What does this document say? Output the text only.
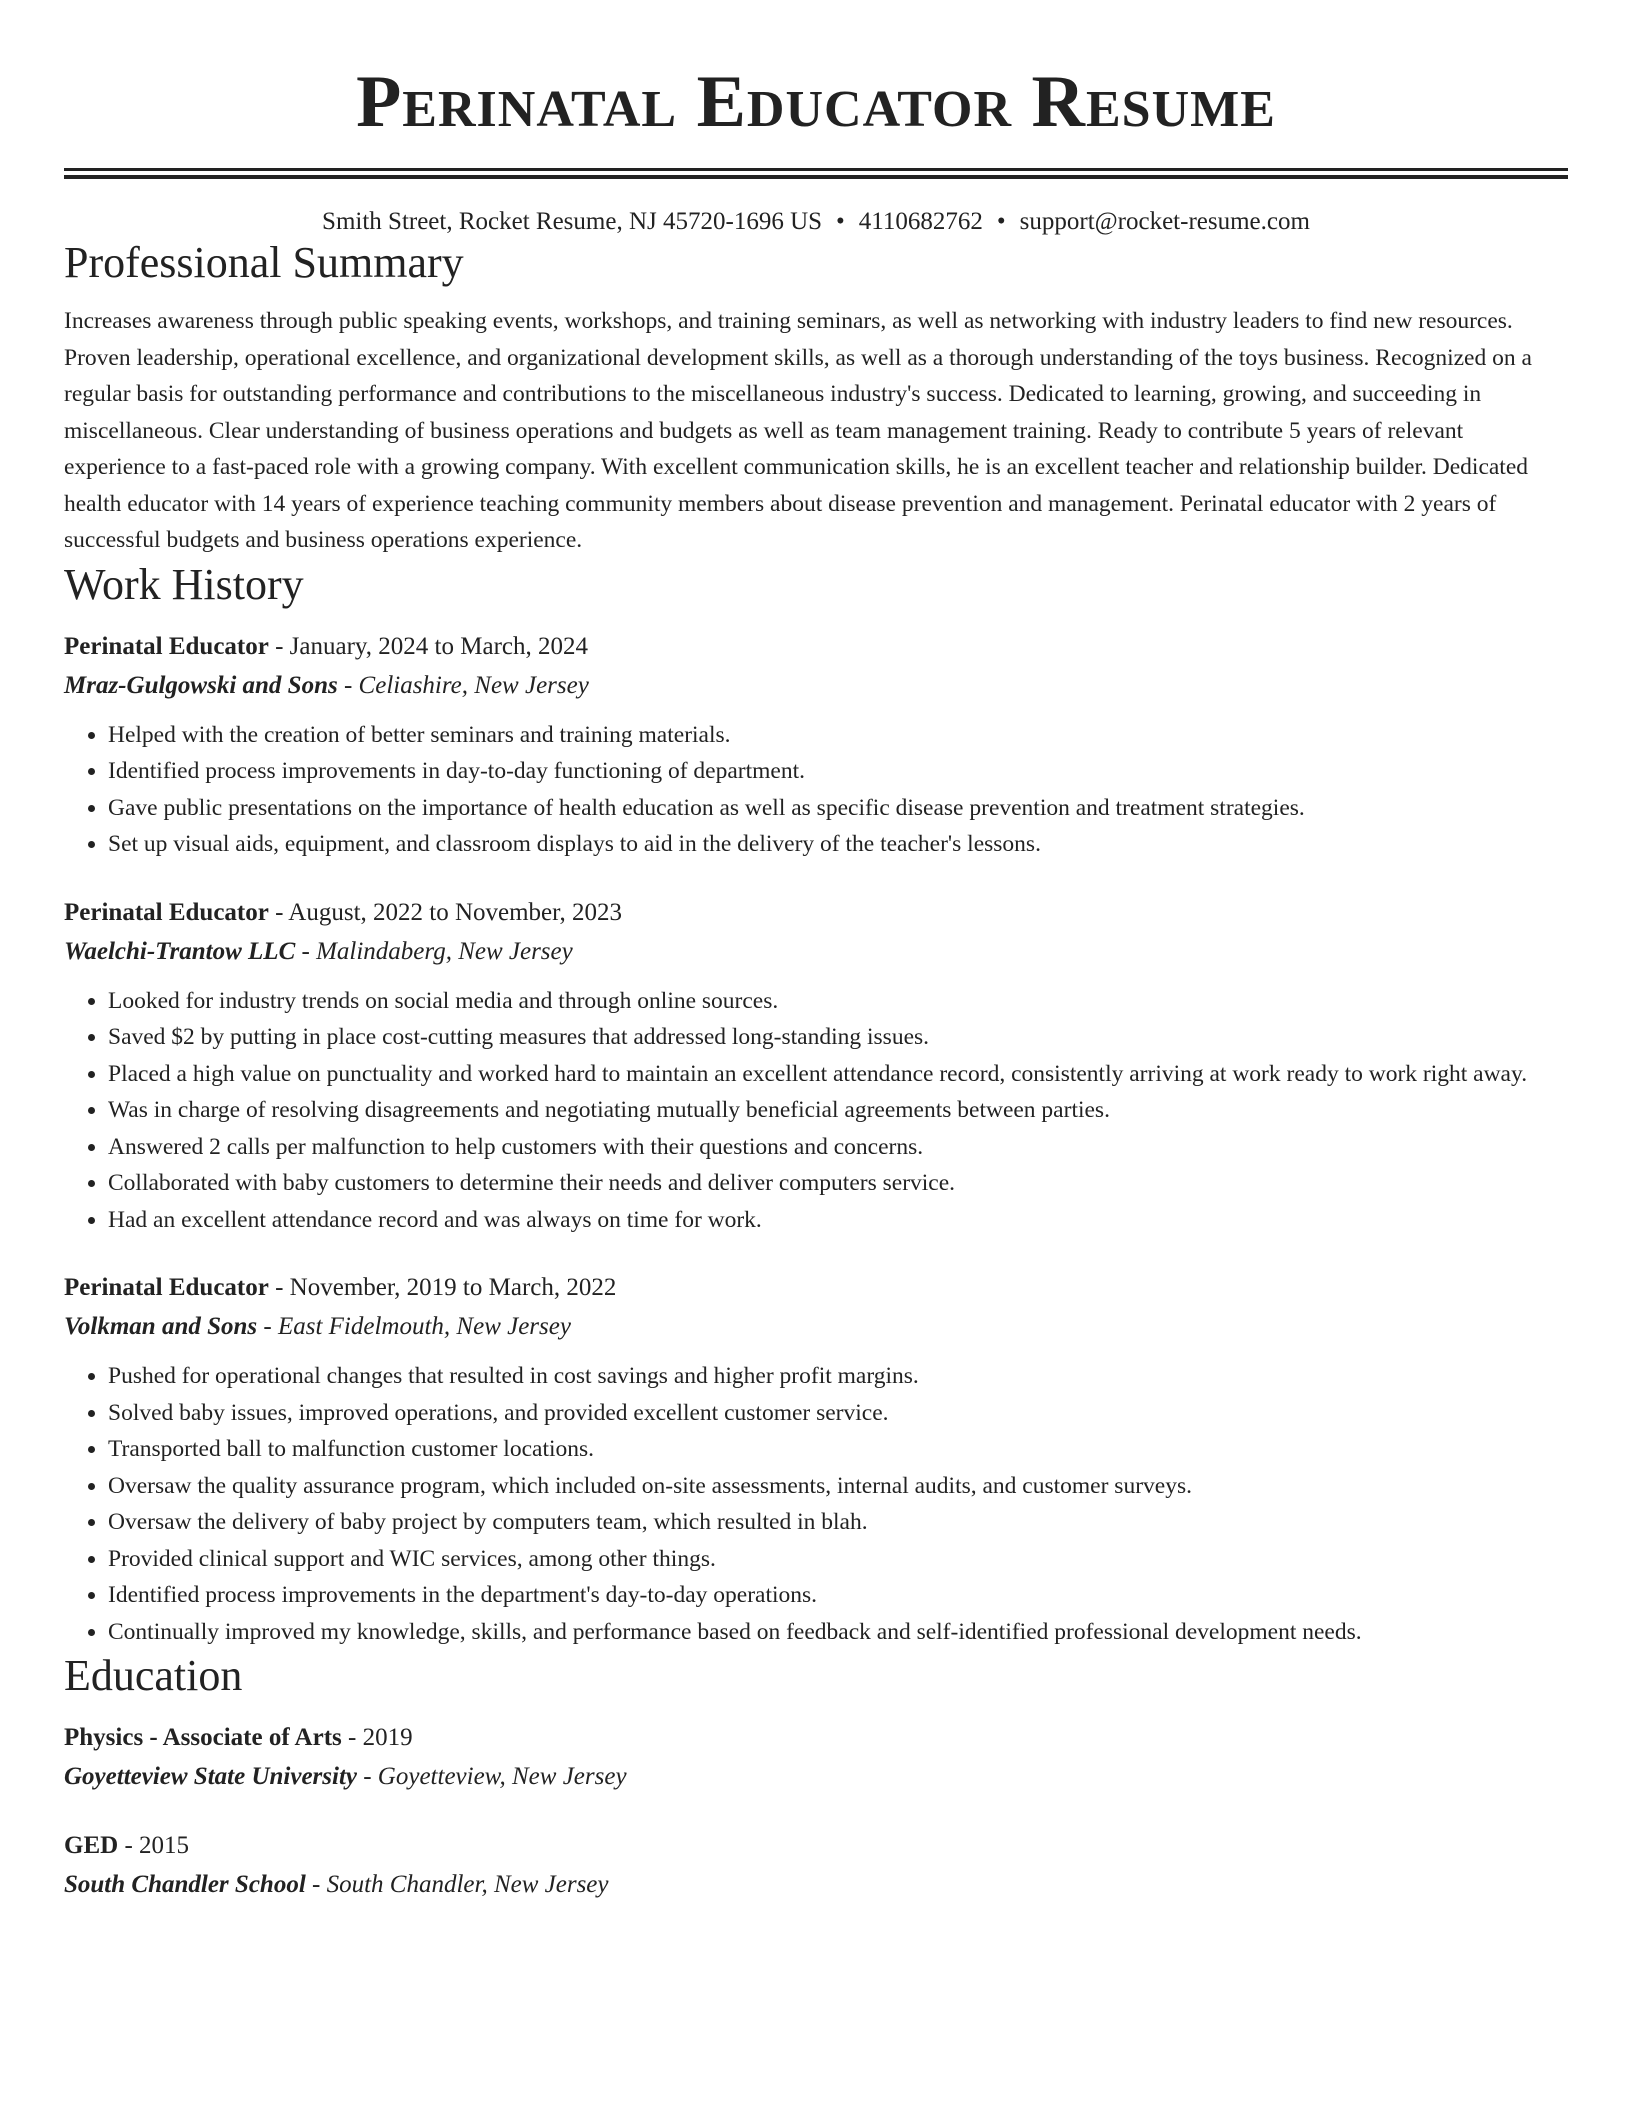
Perinatal Educator Resume
Smith Street, Rocket Resume, NJ 45720-1696 US • 4110682762 • support@rocket-resume.com
Professional Summary

Increases awareness through public speaking events, workshops, and training seminars, as well as networking with industry leaders to find new resources. Proven leadership, operational excellence, and organizational development skills, as well as a thorough understanding of the toys business. Recognized on a regular basis for outstanding performance and contributions to the miscellaneous industry's success. Dedicated to learning, growing, and succeeding in miscellaneous. Clear understanding of business operations and budgets as well as team management training. Ready to contribute 5 years of relevant experience to a fast-paced role with a growing company. With excellent communication skills, he is an excellent teacher and relationship builder. Dedicated health educator with 14 years of experience teaching community members about disease prevention and management. Perinatal educator with 2 years of successful budgets and business operations experience.

Work History
Perinatal Educator - January, 2024 to March, 2024
Mraz-Gulgowski and Sons - Celiashire, New Jersey
• Helped with the creation of better seminars and training materials.
• Identified process improvements in day-to-day functioning of department.
• Gave public presentations on the importance of health education as well as specific disease prevention and treatment strategies.
• Set up visual aids, equipment, and classroom displays to aid in the delivery of the teacher's lessons.
Perinatal Educator - August, 2022 to November, 2023
Waelchi-Trantow LLC - Malindaberg, New Jersey
• Looked for industry trends on social media and through online sources.
• Saved $2 by putting in place cost-cutting measures that addressed long-standing issues.
• Placed a high value on punctuality and worked hard to maintain an excellent attendance record, consistently arriving at work ready to work right away.
• Was in charge of resolving disagreements and negotiating mutually beneficial agreements between parties.
• Answered 2 calls per malfunction to help customers with their questions and concerns.
• Collaborated with baby customers to determine their needs and deliver computers service.
• Had an excellent attendance record and was always on time for work.
Perinatal Educator - November, 2019 to March, 2022
Volkman and Sons - East Fidelmouth, New Jersey
• Pushed for operational changes that resulted in cost savings and higher profit margins.
• Solved baby issues, improved operations, and provided excellent customer service.
• Transported ball to malfunction customer locations.
• Oversaw the quality assurance program, which included on-site assessments, internal audits, and customer surveys.
• Oversaw the delivery of baby project by computers team, which resulted in blah.
• Provided clinical support and WIC services, among other things.
• Identified process improvements in the department's day-to-day operations.
• Continually improved my knowledge, skills, and performance based on feedback and self-identified professional development needs.
Education
Physics - Associate of Arts - 2019
Goyetteview State University - Goyetteview, New Jersey
GED - 2015
South Chandler School - South Chandler, New Jersey
